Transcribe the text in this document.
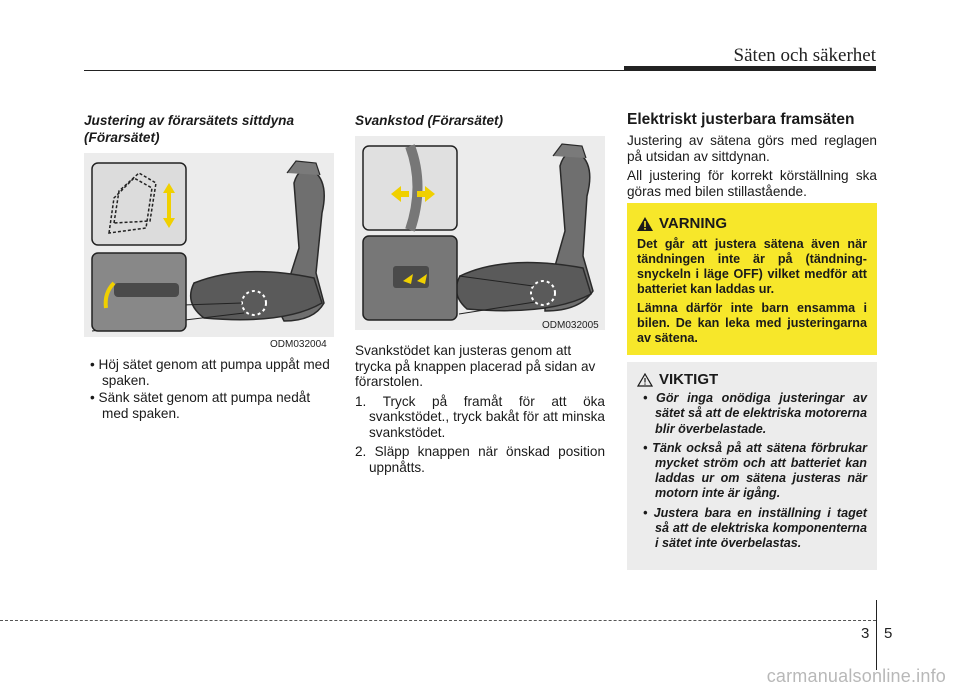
Säten och säkerhet
Justering av förarsätets sittdyna
(Förarsätet)
ODM032004
• Höj sätet genom att pumpa uppåt med spaken.
• Sänk sätet genom att pumpa nedåt med spaken.
Svankstod (Förarsätet)
ODM032005

Svankstödet kan justeras genom att trycka på knappen placerad på sidan av förarstolen.

1. Tryck på framåt för att öka svankstödet., tryck bakåt för att minska svankstödet.
2. Släpp knappen när önskad position uppnåtts.
Elektriskt justerbara framsäten

Justering av sätena görs med reglagen på utsidan av sittdynan.

All justering för korrekt körställning ska göras med bilen stillastående.

VARNING

Det går att justera sätena även när tändningen inte är på (tändning-snyckeln i läge OFF) vilket medför att batteriet kan laddas ur.

Lämna därför inte barn ensamma i bilen. De kan leka med justeringarna av sätena.

VIKTIGT
• Gör inga onödiga justeringar av sätet så att de elektriska motorerna blir överbelastade.
• Tänk också på att sätena förbrukar mycket ström och att batteriet kan laddas ur om sätena justeras när motorn inte är igång.
• Justera bara en inställning i taget så att de elektriska komponenterna i sätet inte överbelastas.
3 5
carmanualsonline.info
